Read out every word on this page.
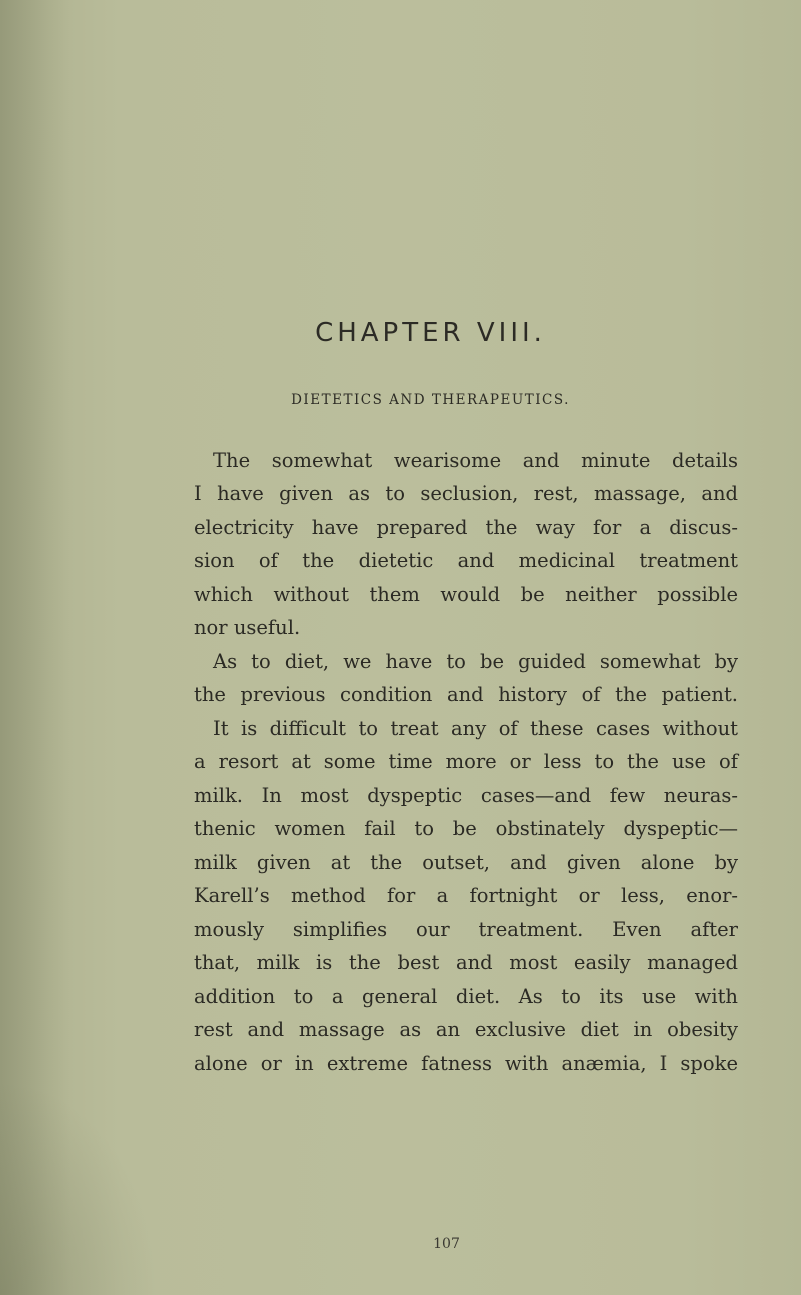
CHAPTER VIII.
DIETETICS AND THERAPEUTICS.
The somewhat wearisome and minute details
I have given as to seclusion, rest, massage, and
electricity have prepared the way for a discus-
sion of the dietetic and medicinal treatment
which without them would be neither possible
nor useful.
As to diet, we have to be guided somewhat by
the previous condition and history of the patient.
It is difficult to treat any of these cases without
a resort at some time more or less to the use of
milk. In most dyspeptic cases—and few neuras-
thenic women fail to be obstinately dyspeptic—
milk given at the outset, and given alone by
Karell’s method for a fortnight or less, enor-
mously simplifies our treatment. Even after
that, milk is the best and most easily managed
addition to a general diet. As to its use with
rest and massage as an exclusive diet in obesity
alone or in extreme fatness with anæmia, I spoke
107
